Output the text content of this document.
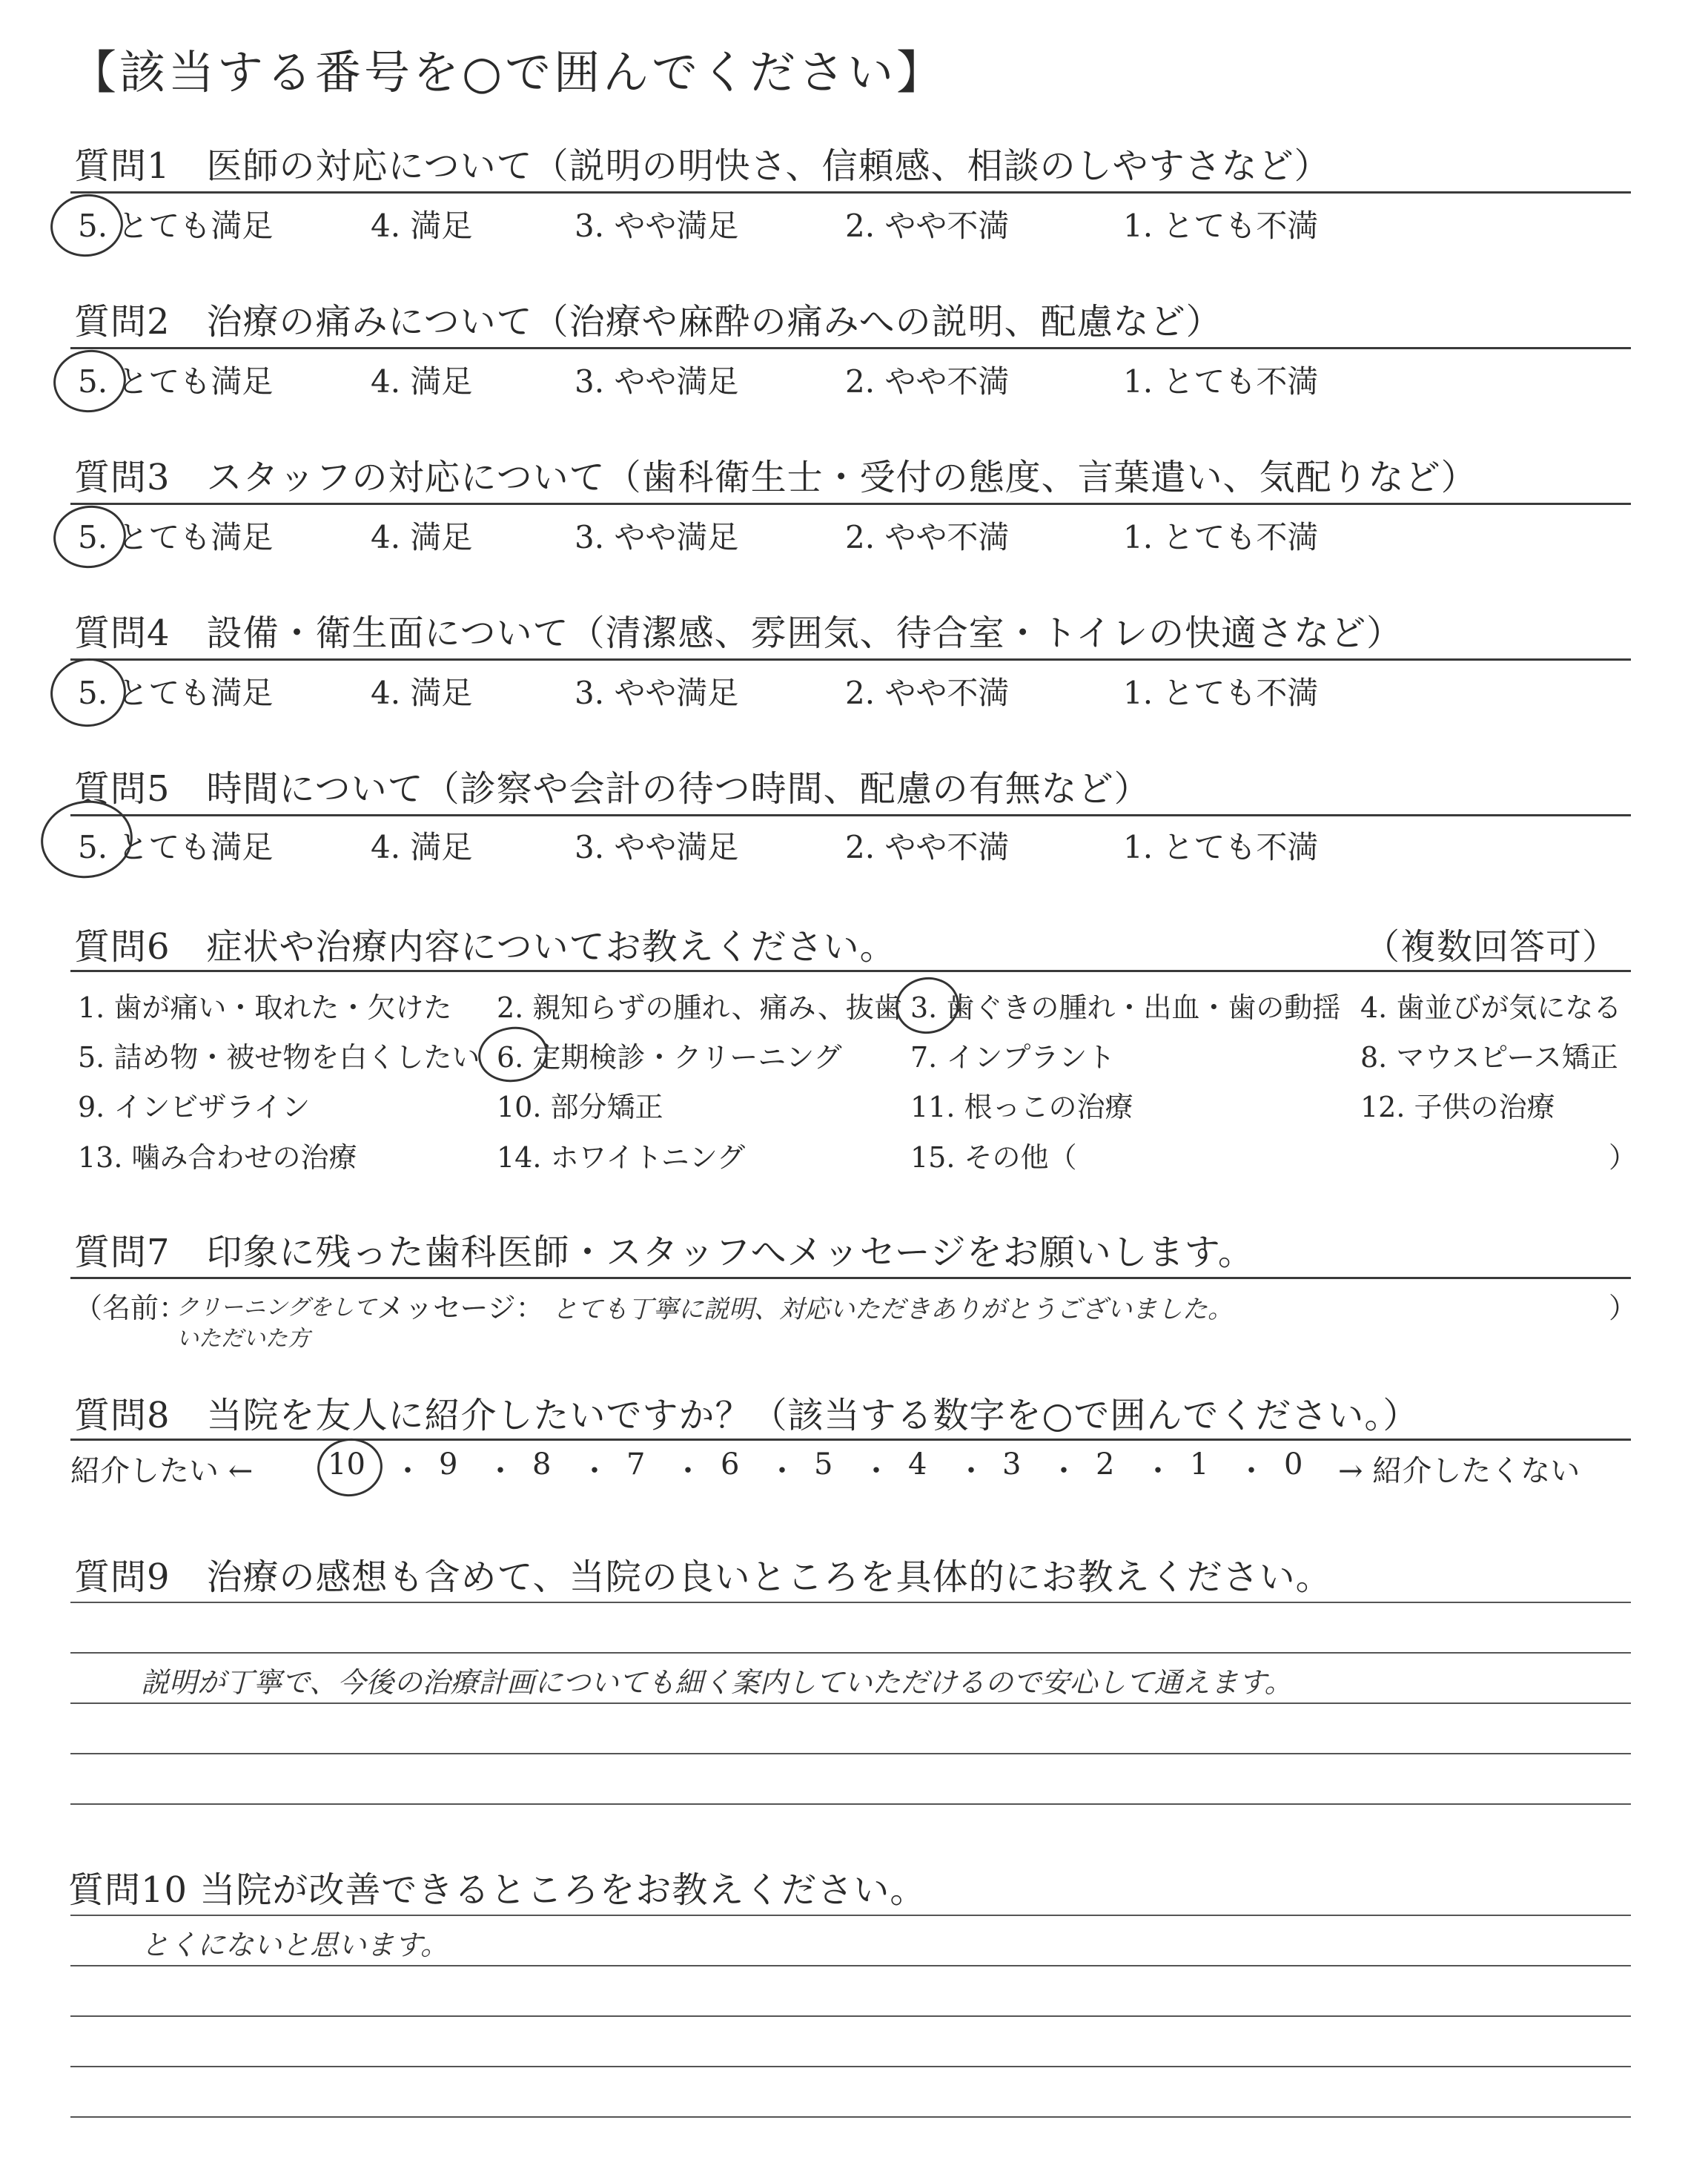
【該当する番号を○で囲んでください】
質問1　医師の対応について（説明の明快さ、信頼感、相談のしやすさなど）
5. とても満足	4. 満足	3. やや満足	2. やや不満	1. とても不満
質問2　治療の痛みについて（治療や麻酔の痛みへの説明、配慮など）
5. とても満足	4. 満足	3. やや満足	2. やや不満	1. とても不満
質問3　スタッフの対応について（歯科衛生士・受付の態度、言葉遣い、気配りなど）
5. とても満足	4. 満足	3. やや満足	2. やや不満	1. とても不満
質問4　設備・衛生面について（清潔感、雰囲気、待合室・トイレの快適さなど）
5. とても満足	4. 満足	3. やや満足	2. やや不満	1. とても不満
質問5　時間について（診察や会計の待つ時間、配慮の有無など）
5. とても満足	4. 満足	3. やや満足	2. やや不満	1. とても不満
質問6　症状や治療内容についてお教えください。	（複数回答可）
1. 歯が痛い・取れた・欠けた 2. 親知らずの腫れ、痛み、抜歯 3. 歯ぐきの腫れ・出血・歯の動揺 4. 歯並びが気になる
5. 詰め物・被せ物を白くしたい 6. 定期検診・クリーニング 7. インプラント	8. マウスピース矯正
9. インビザライン	10. 部分矯正	11. 根っこの治療	12. 子供の治療
13. 噛み合わせの治療	14. ホワイトニング	15. その他（	）
質問7　印象に残った歯科医師・スタッフへメッセージをお願いします。
（名前：
クリーニングをして
いただいた方
メッセージ： とても丁寧に説明、対応いただきありがとうございました。	）
質問8　当院を友人に紹介したいですか？（該当する数字を○で囲んでください。）
紹介したい ←	10 ・ 9 ・ 8 ・ 7 ・ 6 ・ 5 ・ 4 ・ 3 ・ 2 ・ 1 ・ 0 → 紹介したくない
質問9　治療の感想も含めて、当院の良いところを具体的にお教えください。
説明が丁寧で、今後の治療計画についても細く案内していただけるので安心して通えます。
質問10 当院が改善できるところをお教えください。
とくにないと思います。
